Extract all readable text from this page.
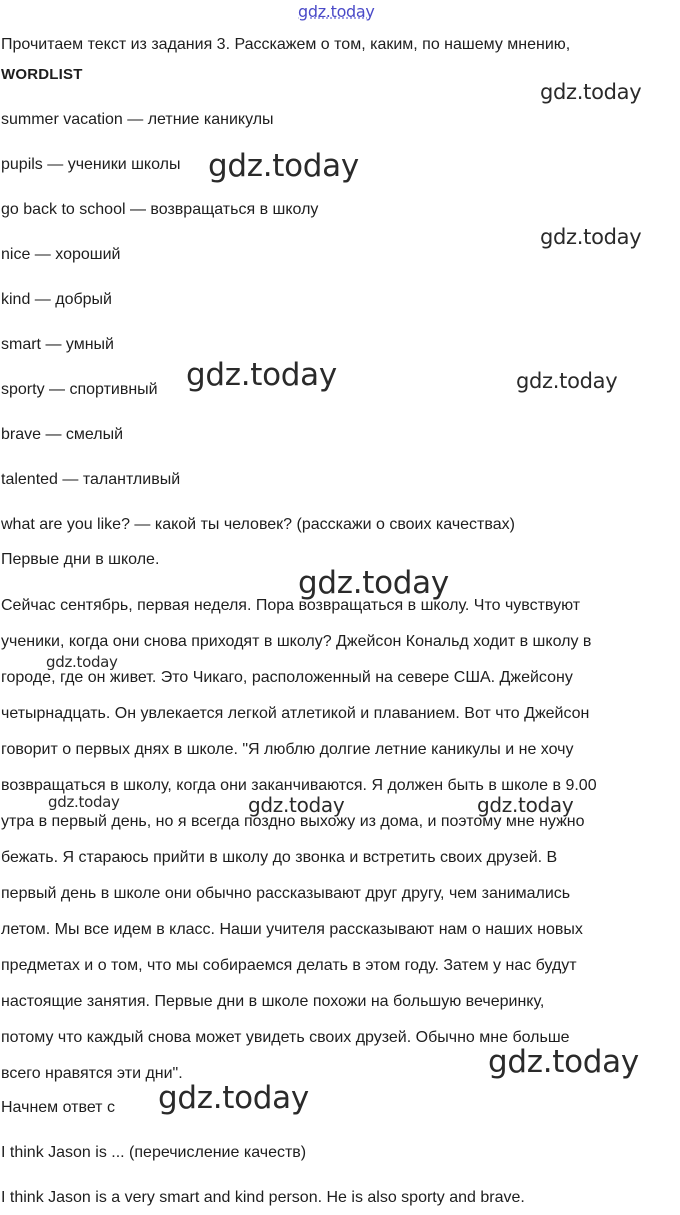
gdz.today
Прочитаем текст из задания 3. Расскажем о том, каким, по нашему мнению,
WORDLIST
summer vacation — летние каникулы
pupils — ученики школы
go back to school — возвращаться в школу
nice — хороший
kind — добрый
smart — умный
sporty — спортивный
brave — смелый
talented — талантливый
what are you like? — какой ты человек? (расскажи о своих качествах)
Первые дни в школе.
Сейчас сентябрь, первая неделя. Пора возвращаться в школу. Что чувствуют
ученики, когда они снова приходят в школу? Джейсон Кональд ходит в школу в
городе, где он живет. Это Чикаго, расположенный на севере США. Джейсону
четырнадцать. Он увлекается легкой атлетикой и плаванием. Вот что Джейсон
говорит о первых днях в школе. "Я люблю долгие летние каникулы и не хочу
возвращаться в школу, когда они заканчиваются. Я должен быть в школе в 9.00
утра в первый день, но я всегда поздно выхожу из дома, и поэтому мне нужно
бежать. Я стараюсь прийти в школу до звонка и встретить своих друзей. В
первый день в школе они обычно рассказывают друг другу, чем занимались
летом. Мы все идем в класс. Наши учителя рассказывают нам о наших новых
предметах и о том, что мы собираемся делать в этом году. Затем у нас будут
настоящие занятия. Первые дни в школе похожи на большую вечеринку,
потому что каждый снова может увидеть своих друзей. Обычно мне больше
всего нравятся эти дни".
Начнем ответ с
I think Jason is ... (перечисление качеств)
I think Jason is a very smart and kind person. He is also sporty and brave.
gdz.today
gdz.today
gdz.today
gdz.today	gdz.today
gdz.today
gdz.today
gdz.today	gdz.today	gdz.today
gdz.today
gdz.today
